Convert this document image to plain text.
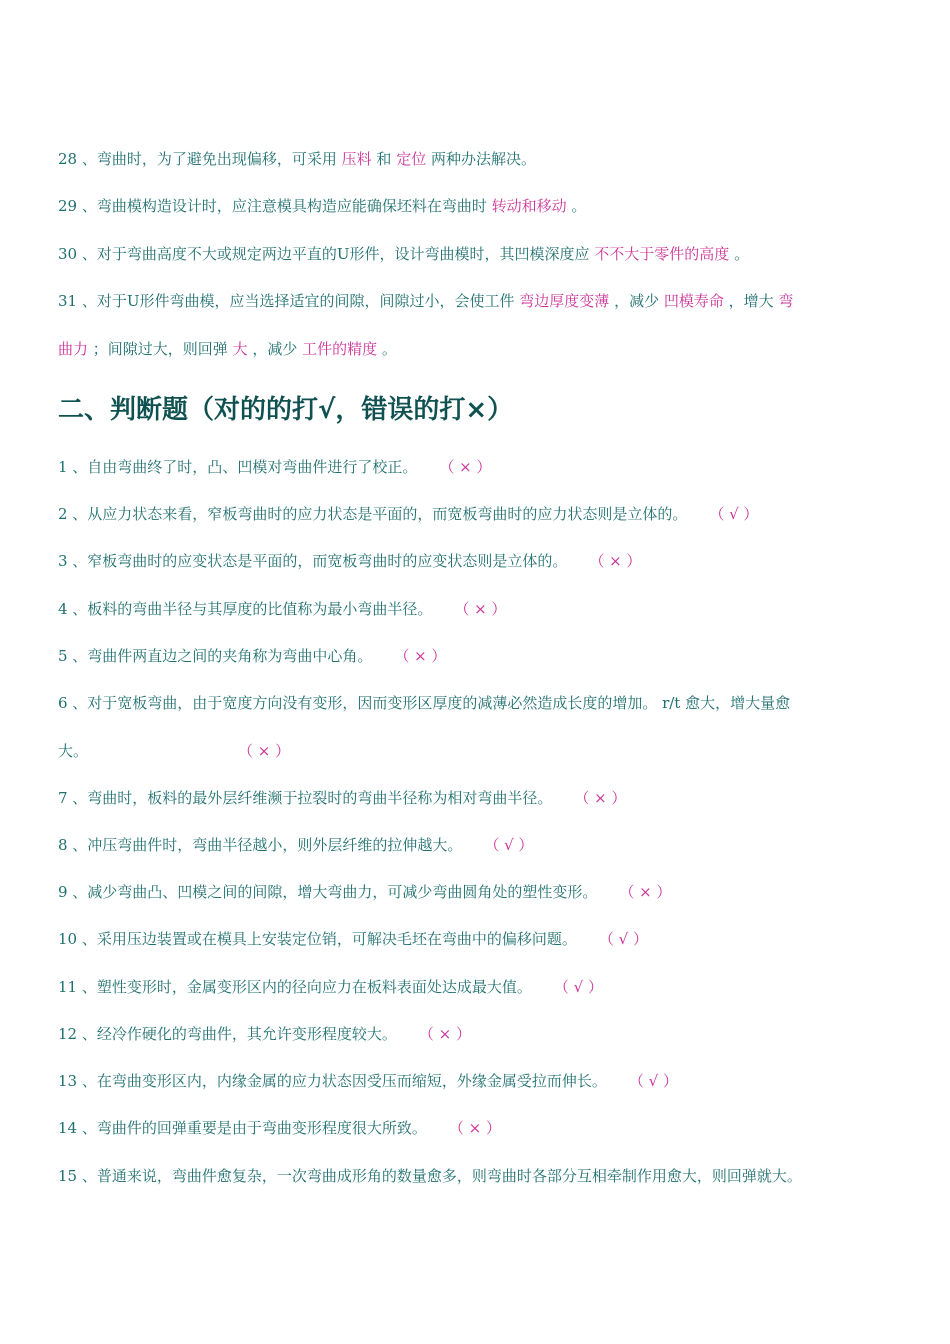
28 、弯曲时，为了避免出现偏移，可采用 压料 和 定位 两种办法解决。
29 、弯曲模构造设计时，应注意模具构造应能确保坯料在弯曲时 转动和移动 。
30 、对于弯曲高度不大或规定两边平直的U形件，设计弯曲模时，其凹模深度应 不不大于零件的高度 。
31 、对于U形件弯曲模，应当选择适宜的间隙，间隙过小，会使工件 弯边厚度变薄 ，减少 凹模寿命 ，增大 弯
曲力 ；间隙过大，则回弹 大 ，减少 工件的精度 。
二、判断题（对的的打√，错误的打×）
1 、自由弯曲终了时，凸、凹模对弯曲件进行了校正。 （ × ）
2 、从应力状态来看，窄板弯曲时的应力状态是平面的，而宽板弯曲时的应力状态则是立体的。 （ √ ）
3 、窄板弯曲时的应变状态是平面的，而宽板弯曲时的应变状态则是立体的。 （ × ）
4 、板料的弯曲半径与其厚度的比值称为最小弯曲半径。 （ × ）
5 、弯曲件两直边之间的夹角称为弯曲中心角。 （ × ）
6 、对于宽板弯曲，由于宽度方向没有变形，因而变形区厚度的减薄必然造成长度的增加。 r/t 愈大，增大量愈
大。	（ × ）
7 、弯曲时，板料的最外层纤维濒于拉裂时的弯曲半径称为相对弯曲半径。 （ × ）
8 、冲压弯曲件时，弯曲半径越小，则外层纤维的拉伸越大。 （ √ ）
9 、减少弯曲凸、凹模之间的间隙，增大弯曲力，可减少弯曲圆角处的塑性变形。 （ × ）
10 、采用压边装置或在模具上安装定位销，可解决毛坯在弯曲中的偏移问题。 （ √ ）
11 、塑性变形时，金属变形区内的径向应力在板料表面处达成最大值。 （ √ ）
12 、经冷作硬化的弯曲件，其允许变形程度较大。 （ × ）
13 、在弯曲变形区内，内缘金属的应力状态因受压而缩短，外缘金属受拉而伸长。 （ √ ）
14 、弯曲件的回弹重要是由于弯曲变形程度很大所致。 （ × ）
15 、普通来说，弯曲件愈复杂，一次弯曲成形角的数量愈多，则弯曲时各部分互相牵制作用愈大，则回弹就大。
